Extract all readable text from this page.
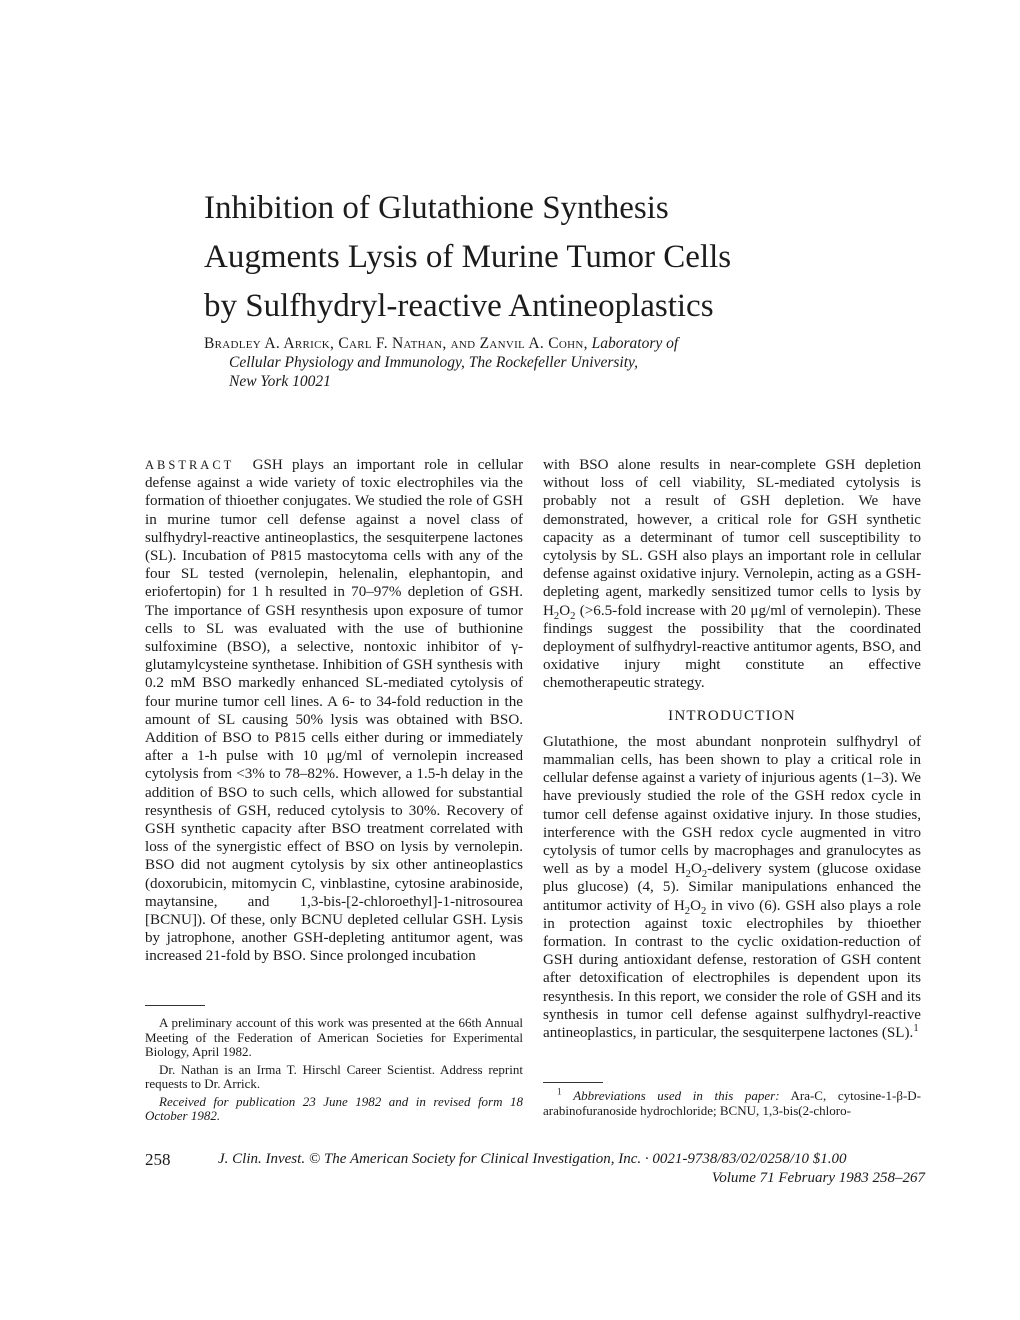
Inhibition of Glutathione Synthesis
Augments Lysis of Murine Tumor Cells
by Sulfhydryl-reactive Antineoplastics
Bradley A. Arrick, Carl F. Nathan, and Zanvil A. Cohn, Laboratory of
Cellular Physiology and Immunology, The Rockefeller University,
New York 10021

ABSTRACT GSH plays an important role in cellular defense against a wide variety of toxic electrophiles via the formation of thioether conjugates. We studied the role of GSH in murine tumor cell defense against a novel class of sulfhydryl-reactive antineoplastics, the sesquiterpene lactones (SL). Incubation of P815 mastocytoma cells with any of the four SL tested (vernolepin, helenalin, elephantopin, and eriofertopin) for 1 h resulted in 70–97% depletion of GSH. The importance of GSH resynthesis upon exposure of tumor cells to SL was evaluated with the use of buthionine sulfoximine (BSO), a selective, nontoxic inhibitor of γ-glutamylcysteine synthetase. Inhibition of GSH synthesis with 0.2 mM BSO markedly enhanced SL-mediated cytolysis of four murine tumor cell lines. A 6- to 34-fold reduction in the amount of SL causing 50% lysis was obtained with BSO. Addition of BSO to P815 cells either during or immediately after a 1-h pulse with 10 μg/ml of vernolepin increased cytolysis from <3% to 78–82%. However, a 1.5-h delay in the addition of BSO to such cells, which allowed for substantial resynthesis of GSH, reduced cytolysis to 30%. Recovery of GSH synthetic capacity after BSO treatment correlated with loss of the synergistic effect of BSO on lysis by vernolepin. BSO did not augment cytolysis by six other antineoplastics (doxorubicin, mitomycin C, vinblastine, cytosine arabinoside, maytansine, and 1,3-bis-[2-chloroethyl]-1-nitrosourea [BCNU]). Of these, only BCNU depleted cellular GSH. Lysis by jatrophone, another GSH-depleting antitumor agent, was increased 21-fold by BSO. Since prolonged incubation

with BSO alone results in near-complete GSH depletion without loss of cell viability, SL-mediated cytolysis is probably not a result of GSH depletion. We have demonstrated, however, a critical role for GSH synthetic capacity as a determinant of tumor cell susceptibility to cytolysis by SL. GSH also plays an important role in cellular defense against oxidative injury. Vernolepin, acting as a GSH-depleting agent, markedly sensitized tumor cells to lysis by $H_2O_2$ (>6.5-fold increase with 20 μg/ml of vernolepin). These findings suggest the possibility that the coordinated deployment of sulfhydryl-reactive antitumor agents, BSO, and oxidative injury might constitute an effective chemotherapeutic strategy.

INTRODUCTION

Glutathione, the most abundant nonprotein sulfhydryl of mammalian cells, has been shown to play a critical role in cellular defense against a variety of injurious agents (1–3). We have previously studied the role of the GSH redox cycle in tumor cell defense against oxidative injury. In those studies, interference with the GSH redox cycle augmented in vitro cytolysis of tumor cells by macrophages and granulocytes as well as by a model $H_2O_2$-delivery system (glucose oxidase plus glucose) (4, 5). Similar manipulations enhanced the antitumor activity of $H_2O_2$ in vivo (6). GSH also plays a role in protection against toxic electrophiles by thioether formation. In contrast to the cyclic oxidation-reduction of GSH during antioxidant defense, restoration of GSH content after detoxification of electrophiles is dependent upon its resynthesis. In this report, we consider the role of GSH and its synthesis in tumor cell defense against sulfhydryl-reactive antineoplastics, in particular, the sesquiterpene lactones (SL).$^1$

A preliminary account of this work was presented at the 66th Annual Meeting of the Federation of American Societies for Experimental Biology, April 1982.

Dr. Nathan is an Irma T. Hirschl Career Scientist. Address reprint requests to Dr. Arrick.

Received for publication 23 June 1982 and in revised form 18 October 1982.

$^1$ Abbreviations used in this paper: Ara-C, cytosine-1-β-D-arabinofuranoside hydrochloride; BCNU, 1,3-bis(2-chloro-

258	J. Clin. Invest. © The American Society for Clinical Investigation, Inc. · 0021-9738/83/02/0258/10 $1.00
Volume 71 February 1983 258–267
